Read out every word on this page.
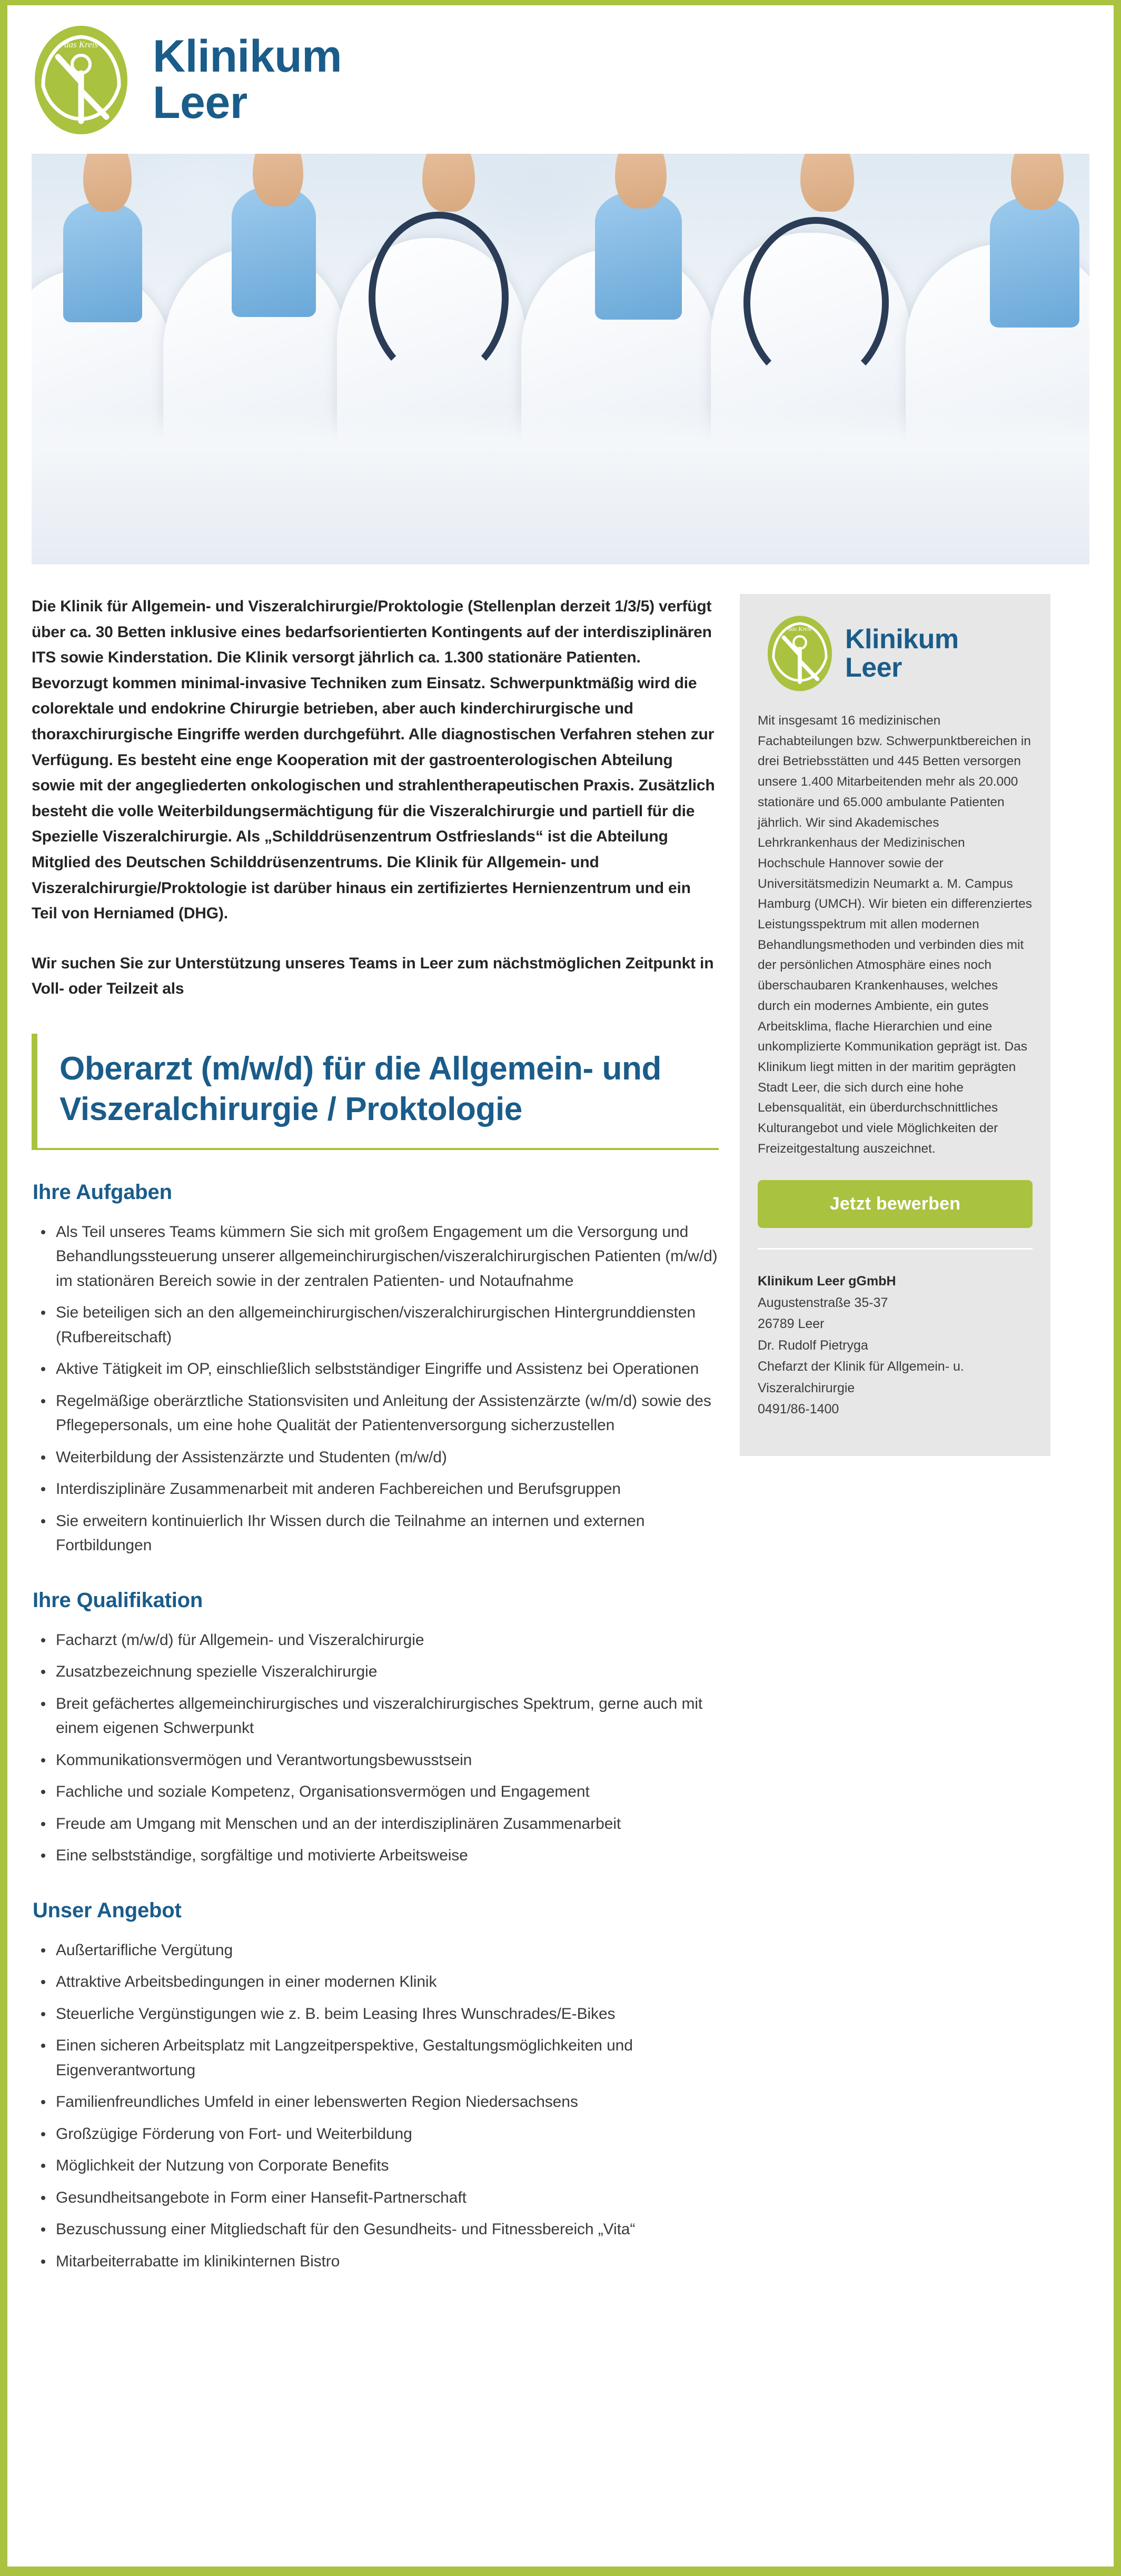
das Kreis Klinikum
Leer

Die Klinik für Allgemein- und Viszeralchirurgie/Proktologie (Stellenplan derzeit 1/3/5) verfügt über ca. 30 Betten inklusive eines bedarfsorientierten Kontingents auf der interdisziplinären ITS sowie Kinderstation. Die Klinik versorgt jährlich ca. 1.300 stationäre Patienten. Bevorzugt kommen minimal-invasive Techniken zum Einsatz. Schwerpunktmäßig wird die colorektale und endokrine Chirurgie betrieben, aber auch kinderchirurgische und thoraxchirurgische Eingriffe werden durchgeführt. Alle diagnostischen Verfahren stehen zur Verfügung. Es besteht eine enge Kooperation mit der gastroenterologischen Abteilung sowie mit der angegliederten onkologischen und strahlentherapeutischen Praxis. Zusätzlich besteht die volle Weiterbildungsermächtigung für die Viszeralchirurgie und partiell für die Spezielle Viszeralchirurgie. Als „Schilddrüsenzentrum Ostfrieslands“ ist die Abteilung Mitglied des Deutschen Schilddrüsenzentrums. Die Klinik für Allgemein- und Viszeralchirurgie/Proktologie ist darüber hinaus ein zertifiziertes Hernienzentrum und ein Teil von Herniamed (DHG).

Wir suchen Sie zur Unterstützung unseres Teams in Leer zum nächstmöglichen Zeitpunkt in Voll- oder Teilzeit als

Oberarzt (m/w/d) für die Allgemein- und Viszeralchirurgie / Proktologie
Ihre Aufgaben
Als Teil unseres Teams kümmern Sie sich mit großem Engagement um die Versorgung und Behandlungssteuerung unserer allgemeinchirurgischen/viszeralchirurgischen Patienten (m/w/d) im stationären Bereich sowie in der zentralen Patienten- und Notaufnahme
Sie beteiligen sich an den allgemeinchirurgischen/viszeralchirurgischen Hintergrunddiensten (Rufbereitschaft)
Aktive Tätigkeit im OP, einschließlich selbstständiger Eingriffe und Assistenz bei Operationen
Regelmäßige oberärztliche Stationsvisiten und Anleitung der Assistenzärzte (w/m/d) sowie des Pflegepersonals, um eine hohe Qualität der Patientenversorgung sicherzustellen
Weiterbildung der Assistenzärzte und Studenten (m/w/d)
Interdisziplinäre Zusammenarbeit mit anderen Fachbereichen und Berufsgruppen
Sie erweitern kontinuierlich Ihr Wissen durch die Teilnahme an internen und externen Fortbildungen
Ihre Qualifikation
Facharzt (m/w/d) für Allgemein- und Viszeralchirurgie
Zusatzbezeichnung spezielle Viszeralchirurgie
Breit gefächertes allgemeinchirurgisches und viszeralchirurgisches Spektrum, gerne auch mit einem eigenen Schwerpunkt
Kommunikationsvermögen und Verantwortungsbewusstsein
Fachliche und soziale Kompetenz, Organisationsvermögen und Engagement
Freude am Umgang mit Menschen und an der interdisziplinären Zusammenarbeit
Eine selbstständige, sorgfältige und motivierte Arbeitsweise
Unser Angebot
Außertarifliche Vergütung
Attraktive Arbeitsbedingungen in einer modernen Klinik
Steuerliche Vergünstigungen wie z. B. beim Leasing Ihres Wunschrades/E-Bikes
Einen sicheren Arbeitsplatz mit Langzeitperspektive, Gestaltungsmöglichkeiten und Eigenverantwortung
Familienfreundliches Umfeld in einer lebenswerten Region Niedersachsens
Großzügige Förderung von Fort- und Weiterbildung
Möglichkeit der Nutzung von Corporate Benefits
Gesundheitsangebote in Form einer Hansefit-Partnerschaft
Bezuschussung einer Mitgliedschaft für den Gesundheits- und Fitnessbereich „Vita“
Mitarbeiterrabatte im klinikinternen Bistro
das Kreis Klinikum
Leer

Mit insgesamt 16 medizinischen Fachabteilungen bzw. Schwerpunktbereichen in drei Betriebsstätten und 445 Betten versorgen unsere 1.400 Mitarbeitenden mehr als 20.000 stationäre und 65.000 ambulante Patienten jährlich. Wir sind Akademisches Lehrkrankenhaus der Medizinischen Hochschule Hannover sowie der Universitätsmedizin Neumarkt a. M. Campus Hamburg (UMCH). Wir bieten ein differenziertes Leistungsspektrum mit allen modernen Behandlungsmethoden und verbinden dies mit der persönlichen Atmosphäre eines noch überschaubaren Krankenhauses, welches durch ein modernes Ambiente, ein gutes Arbeitsklima, flache Hierarchien und eine unkomplizierte Kommunikation geprägt ist. Das Klinikum liegt mitten in der maritim geprägten Stadt Leer, die sich durch eine hohe Lebensqualität, ein überdurchschnittliches Kulturangebot und viele Möglichkeiten der Freizeitgestaltung auszeichnet.

Jetzt bewerben
Klinikum Leer gGmbH
Augustenstraße 35-37
26789 Leer
Dr. Rudolf Pietryga
Chefarzt der Klinik für Allgemein- u.
Viszeralchirurgie
0491/86-1400
